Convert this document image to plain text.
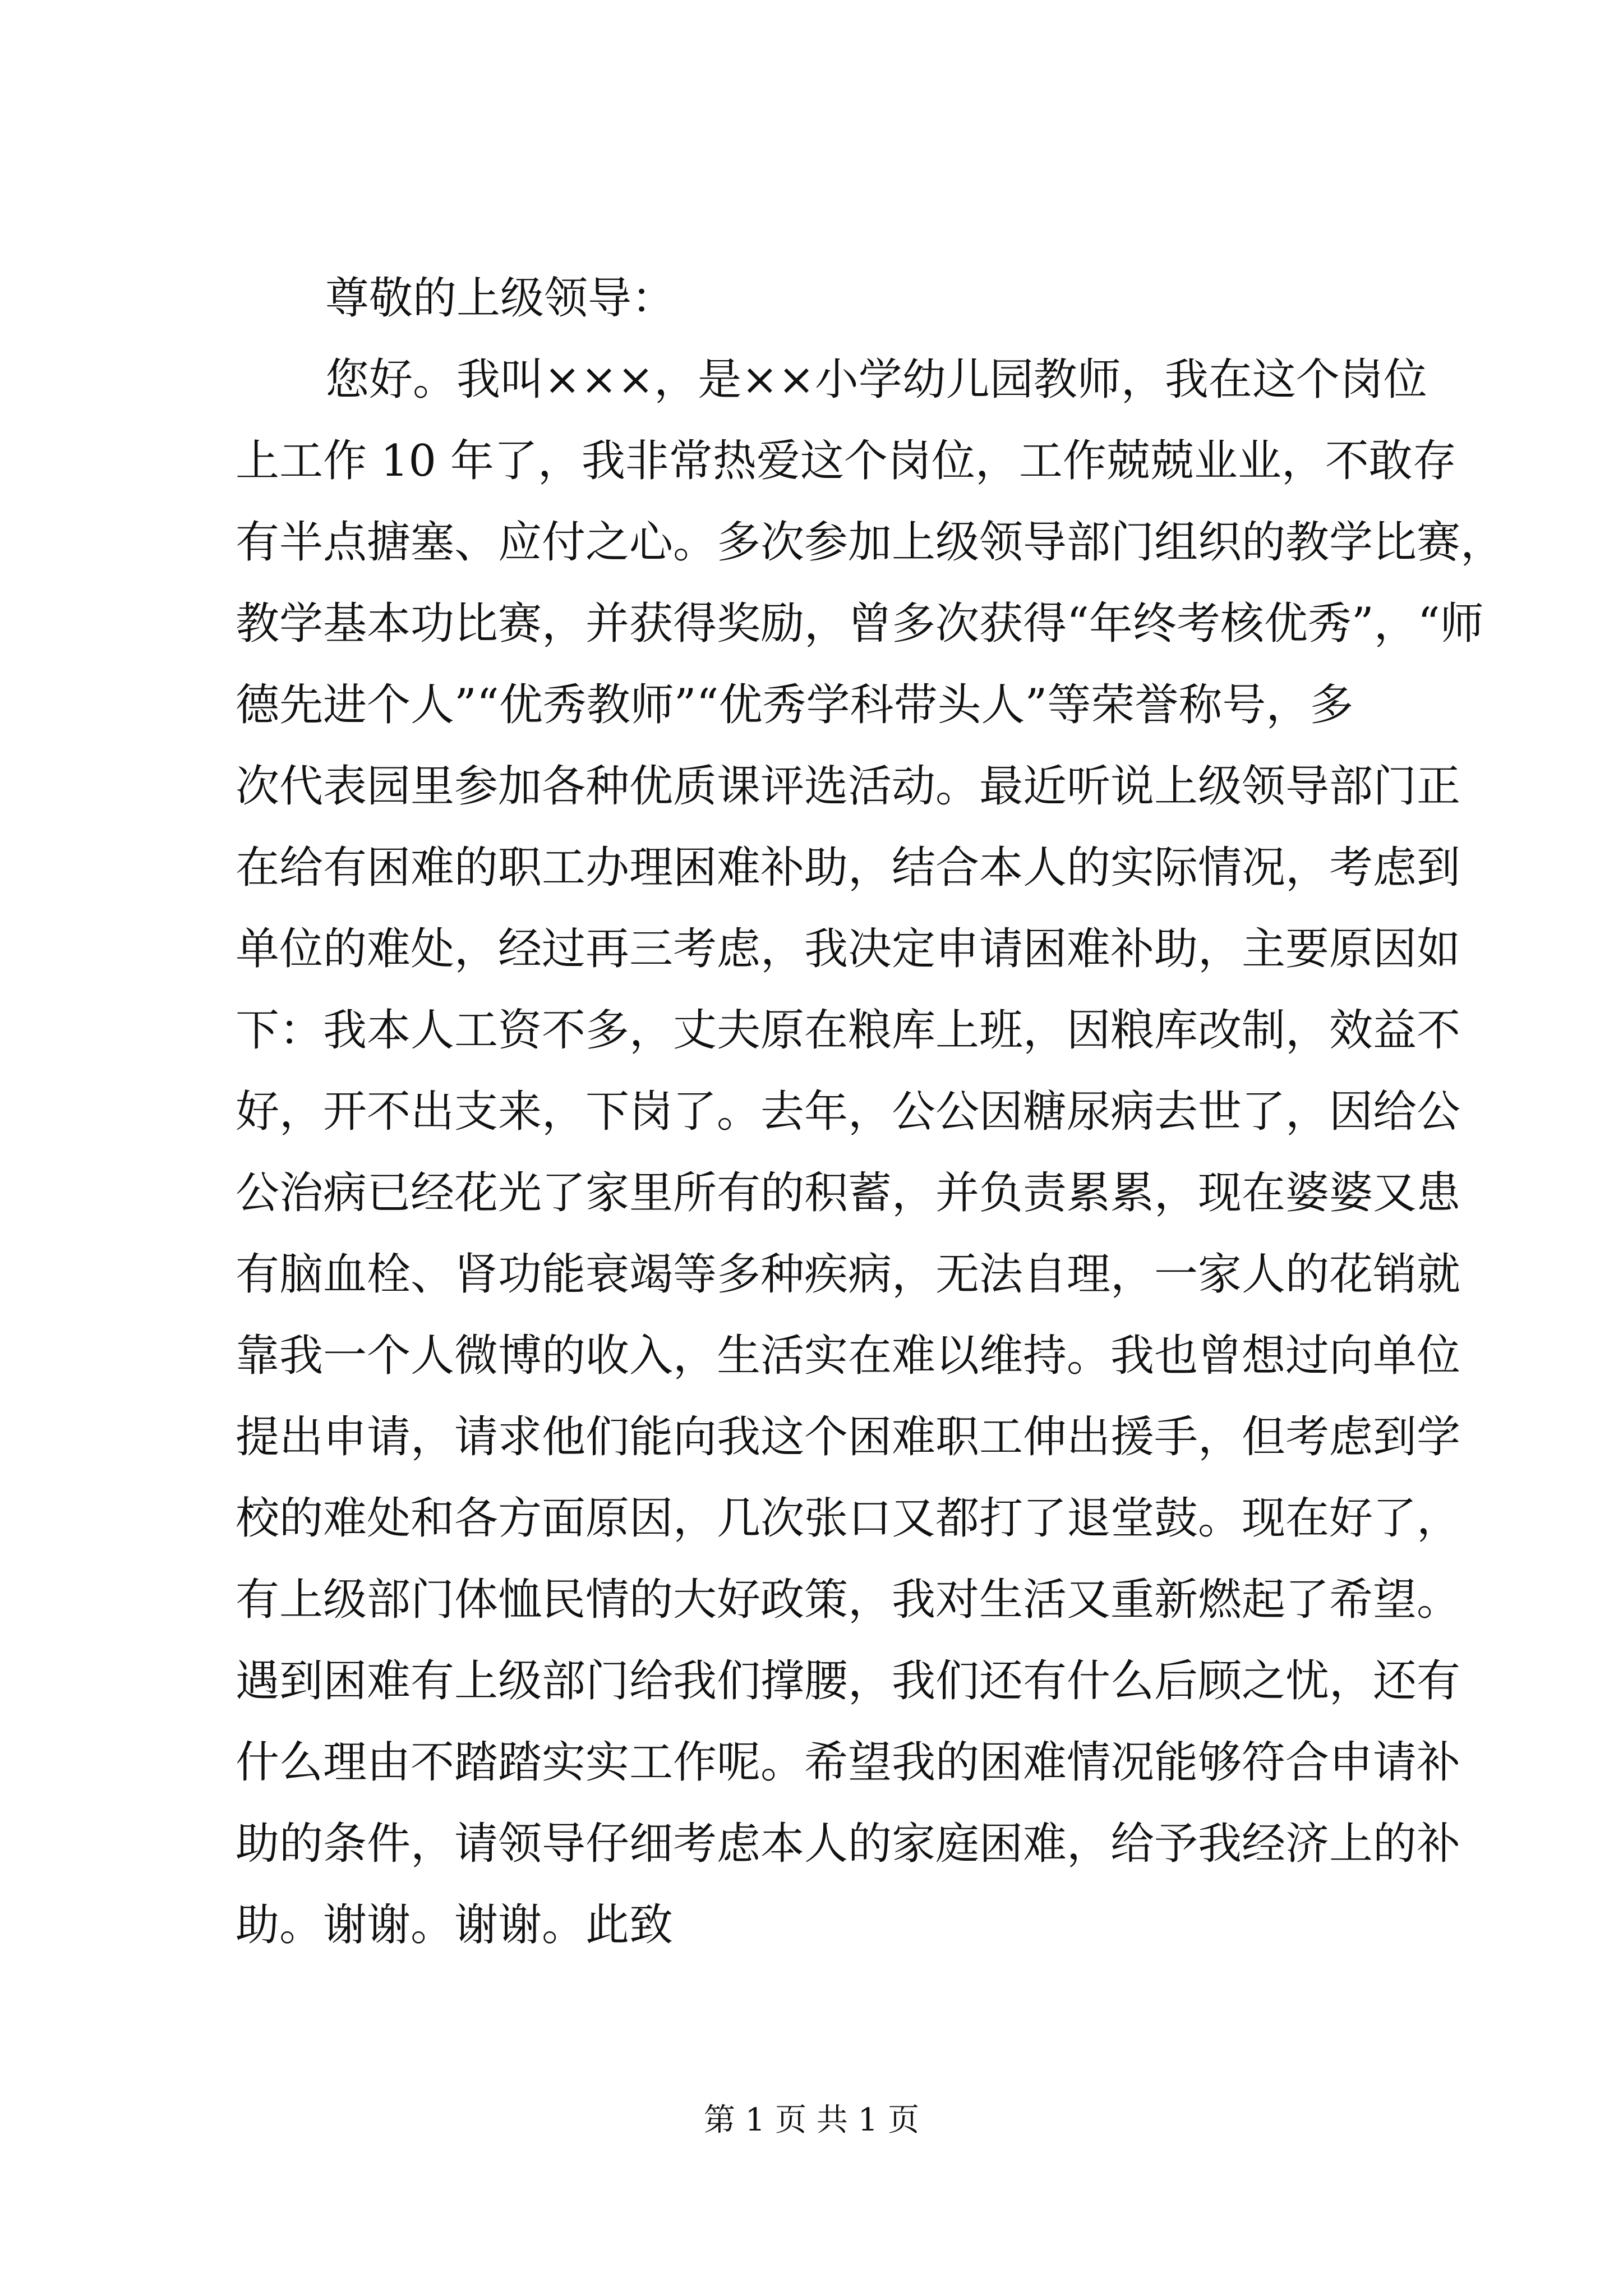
尊敬的上级领导：
您好。我叫×××，是××小学幼儿园教师，我在这个岗位
上工作 10 年了，我非常热爱这个岗位，工作兢兢业业，不敢存
有半点搪塞、应付之心。多次参加上级领导部门组织的教学比赛，
教学基本功比赛，并获得奖励，曾多次获得“年终考核优秀”，“师
德先进个人”“优秀教师”“优秀学科带头人”等荣誉称号，多
次代表园里参加各种优质课评选活动。最近听说上级领导部门正
在给有困难的职工办理困难补助，结合本人的实际情况，考虑到
单位的难处，经过再三考虑，我决定申请困难补助，主要原因如
下：我本人工资不多，丈夫原在粮库上班，因粮库改制，效益不
好，开不出支来，下岗了。去年，公公因糖尿病去世了，因给公
公治病已经花光了家里所有的积蓄，并负责累累，现在婆婆又患
有脑血栓、肾功能衰竭等多种疾病，无法自理，一家人的花销就
靠我一个人微博的收入，生活实在难以维持。我也曾想过向单位
提出申请，请求他们能向我这个困难职工伸出援手，但考虑到学
校的难处和各方面原因，几次张口又都打了退堂鼓。现在好了，
有上级部门体恤民情的大好政策，我对生活又重新燃起了希望。
遇到困难有上级部门给我们撑腰，我们还有什么后顾之忧，还有
什么理由不踏踏实实工作呢。希望我的困难情况能够符合申请补
助的条件，请领导仔细考虑本人的家庭困难，给予我经济上的补
助。谢谢。谢谢。此致
第 1 页 共 1 页
